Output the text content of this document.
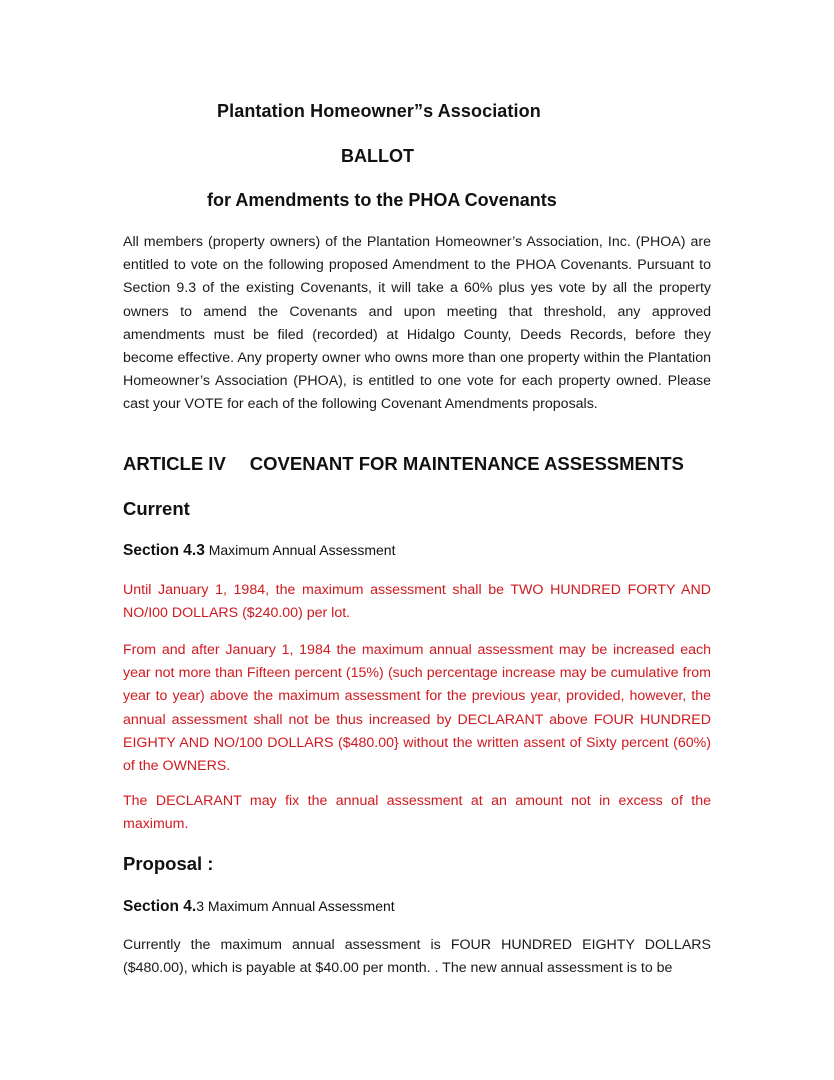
Plantation Homeowner”s Association
BALLOT
for Amendments to the PHOA Covenants
All members (property owners) of the Plantation Homeowner’s Association, Inc. (PHOA) are entitled to vote on the following proposed Amendment to the PHOA Covenants. Pursuant to Section 9.3 of the existing Covenants, it will take a 60% plus yes vote by all the property owners to amend the Covenants and upon meeting that threshold, any approved amendments must be filed (recorded) at Hidalgo County, Deeds Records, before they become effective. Any property owner who owns more than one property within the Plantation Homeowner’s Association (PHOA), is entitled to one vote for each property owned. Please cast your VOTE for each of the following Covenant Amendments proposals.
ARTICLE IV COVENANT FOR MAINTENANCE ASSESSMENTS
Current
Section 4.3 Maximum Annual Assessment
Until January 1, 1984, the maximum assessment shall be TWO HUNDRED FORTY AND NO/I00 DOLLARS ($240.00) per lot.
From and after January 1, 1984 the maximum annual assessment may be increased each year not more than Fifteen percent (15%) (such percentage increase may be cumulative from year to year) above the maximum assessment for the previous year, provided, however, the annual assessment shall not be thus increased by DECLARANT above FOUR HUNDRED EIGHTY AND NO/100 DOLLARS ($480.00} without the written assent of Sixty percent (60%) of the OWNERS.
The DECLARANT may fix the annual assessment at an amount not in excess of the maximum.
Proposal :
Section 4.3 Maximum Annual Assessment
Currently the maximum annual assessment is FOUR HUNDRED EIGHTY DOLLARS ($480.00), which is payable at $40.00 per month. . The new annual assessment is to be
